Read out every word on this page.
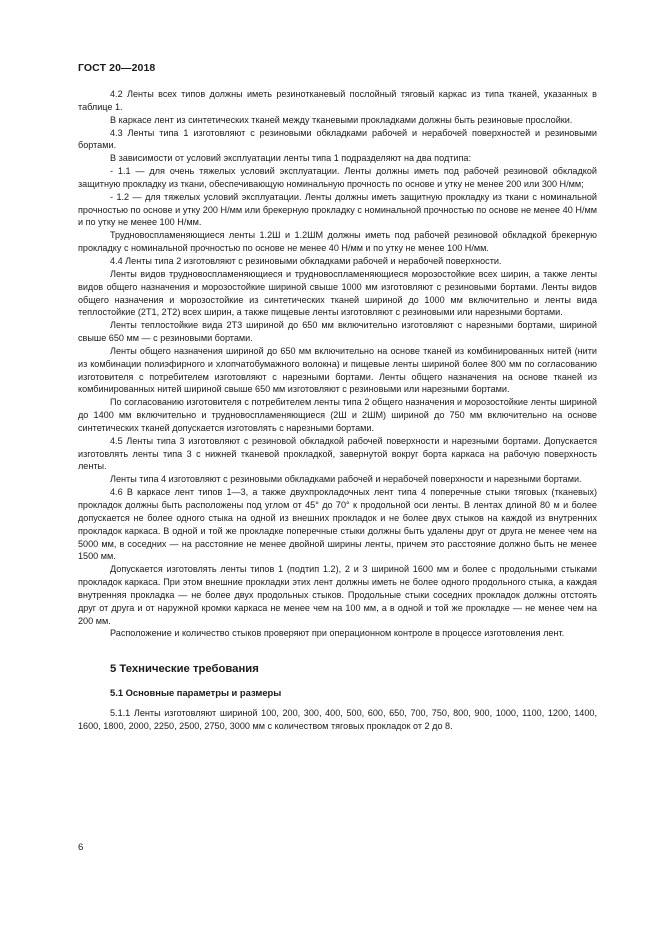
ГОСТ 20—2018

4.2 Ленты всех типов должны иметь резинотканевый послойный тяговый каркас из типа тканей, указанных в таблице 1.

В каркасе лент из синтетических тканей между тканевыми прокладками должны быть резиновые прослойки.

4.3 Ленты типа 1 изготовляют с резиновыми обкладками рабочей и нерабочей поверхностей и резиновыми бортами.

В зависимости от условий эксплуатации ленты типа 1 подразделяют на два подтипа:

- 1.1 — для очень тяжелых условий эксплуатации. Ленты должны иметь под рабочей резиновой обкладкой защитную прокладку из ткани, обеспечивающую номинальную прочность по основе и утку не менее 200 или 300 Н/мм;

- 1.2 — для тяжелых условий эксплуатации. Ленты должны иметь защитную прокладку из ткани с номинальной прочностью по основе и утку 200 Н/мм или брекерную прокладку с номинальной прочностью по основе не менее 40 Н/мм и по утку не менее 100 Н/мм.

Трудновоспламеняющиеся ленты 1.2Ш и 1.2ШМ должны иметь под рабочей резиновой обкладкой брекерную прокладку с номинальной прочностью по основе не менее 40 Н/мм и по утку не менее 100 Н/мм.

4.4 Ленты типа 2 изготовляют с резиновыми обкладками рабочей и нерабочей поверхности.

Ленты видов трудновоспламеняющиеся и трудновоспламеняющиеся морозостойкие всех ширин, а также ленты видов общего назначения и морозостойкие шириной свыше 1000 мм изготовляют с резиновыми бортами. Ленты видов общего назначения и морозостойкие из синтетических тканей шириной до 1000 мм включительно и ленты вида теплостойкие (2Т1, 2Т2) всех ширин, а также пищевые ленты изготовляют с резиновыми или нарезными бортами.

Ленты теплостойкие вида 2Т3 шириной до 650 мм включительно изготовляют с нарезными бортами, шириной свыше 650 мм — с резиновыми бортами.

Ленты общего назначения шириной до 650 мм включительно на основе тканей из комбинированных нитей (нити из комбинации полиэфирного и хлопчатобумажного волокна) и пищевые ленты шириной более 800 мм по согласованию изготовителя с потребителем изготовляют с нарезными бортами. Ленты общего назначения на основе тканей из комбинированных нитей шириной свыше 650 мм изготовляют с резиновыми или нарезными бортами.

По согласованию изготовителя с потребителем ленты типа 2 общего назначения и морозостойкие ленты шириной до 1400 мм включительно и трудновоспламеняющиеся (2Ш и 2ШМ) шириной до 750 мм включительно на основе синтетических тканей допускается изготовлять с нарезными бортами.

4.5 Ленты типа 3 изготовляют с резиновой обкладкой рабочей поверхности и нарезными бортами. Допускается изготовлять ленты типа 3 с нижней тканевой прокладкой, завернутой вокруг борта каркаса на рабочую поверхность ленты.

Ленты типа 4 изготовляют с резиновыми обкладками рабочей и нерабочей поверхности и нарезными бортами.

4.6 В каркасе лент типов 1—3, а также двухпрокладочных лент типа 4 поперечные стыки тяговых (тканевых) прокладок должны быть расположены под углом от 45° до 70° к продольной оси ленты. В лентах длиной 80 м и более допускается не более одного стыка на одной из внешних прокладок и не более двух стыков на каждой из внутренних прокладок каркаса. В одной и той же прокладке поперечные стыки должны быть удалены друг от друга не менее чем на 5000 мм, в соседних — на расстояние не менее двойной ширины ленты, причем это расстояние должно быть не менее 1500 мм.

Допускается изготовлять ленты типов 1 (подтип 1.2), 2 и 3 шириной 1600 мм и более с продольными стыками прокладок каркаса. При этом внешние прокладки этих лент должны иметь не более одного продольного стыка, а каждая внутренняя прокладка — не более двух продольных стыков. Продольные стыки соседних прокладок должны отстоять друг от друга и от наружной кромки каркаса не менее чем на 100 мм, а в одной и той же прокладке — не менее чем на 200 мм.

Расположение и количество стыков проверяют при операционном контроле в процессе изготовления лент.

5 Технические требования
5.1 Основные параметры и размеры

5.1.1 Ленты изготовляют шириной 100, 200, 300, 400, 500, 600, 650, 700, 750, 800, 900, 1000, 1100, 1200, 1400, 1600, 1800, 2000, 2250, 2500, 2750, 3000 мм с количеством тяговых прокладок от 2 до 8.

6
